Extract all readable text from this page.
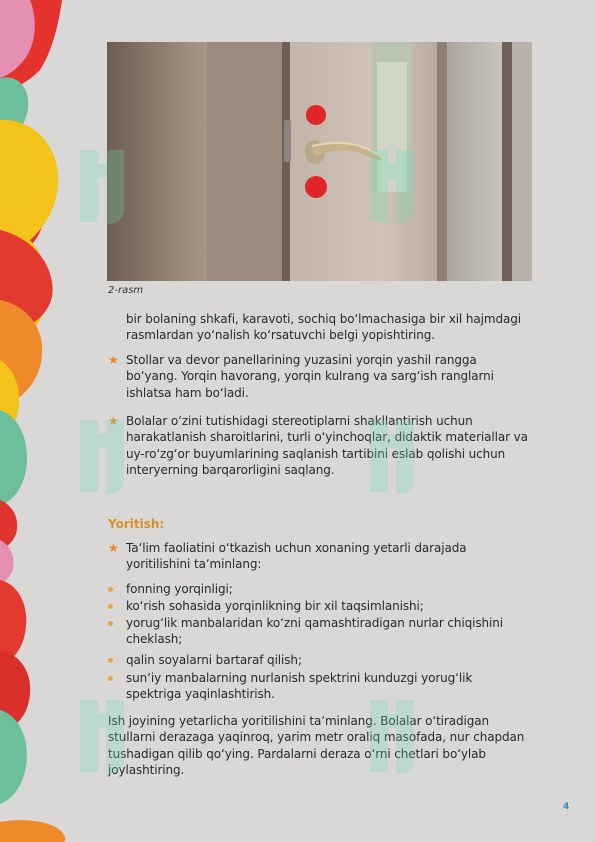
2-rasm
bir bolaning shkafi, karavoti, sochiq boʻlmachasiga bir xil hajmdagi rasmlardan yoʻnalish koʻrsatuvchi belgi yopishtiring.
★ Stollar va devor panellarining yuzasini yorqin yashil rangga boʻyang. Yorqin havorang, yorqin kulrang va sargʻish ranglarni ishlatsa ham boʻladi.
★ Bolalar oʻzini tutishidagi stereotiplarni shakllantirish uchun harakatlanish sharoitlarini, turli oʻyinchoqlar, didaktik materiallar va uy-roʻzgʻor buyumlarining saqlanish tartibini eslab qolishi uchun interyerning barqarorligini saqlang.
Yoritish:
★ Taʻlim faoliatini oʻtkazish uchun xonaning yetarli darajada yoritilishini taʼminlang:
fonning yorqinligi;
koʻrish sohasida yorqinlikning bir xil taqsimlanishi;
yorugʻlik manbalaridan koʻzni qamashtiradigan nurlar chiqishini cheklash;
qalin soyalarni bartaraf qilish;
sunʼiy manbalarning nurlanish spektrini kunduzgi yorugʻlik spektriga yaqinlashtirish.
Ish joyining yetarlicha yoritilishini taʼminlang. Bolalar oʻtiradigan stullarni derazaga yaqinroq, yarim metr oraliq masofada, nur chapdan tushadigan qilib qoʻying. Pardalarni deraza oʻrni chetlari boʻylab joylashtiring.
4
